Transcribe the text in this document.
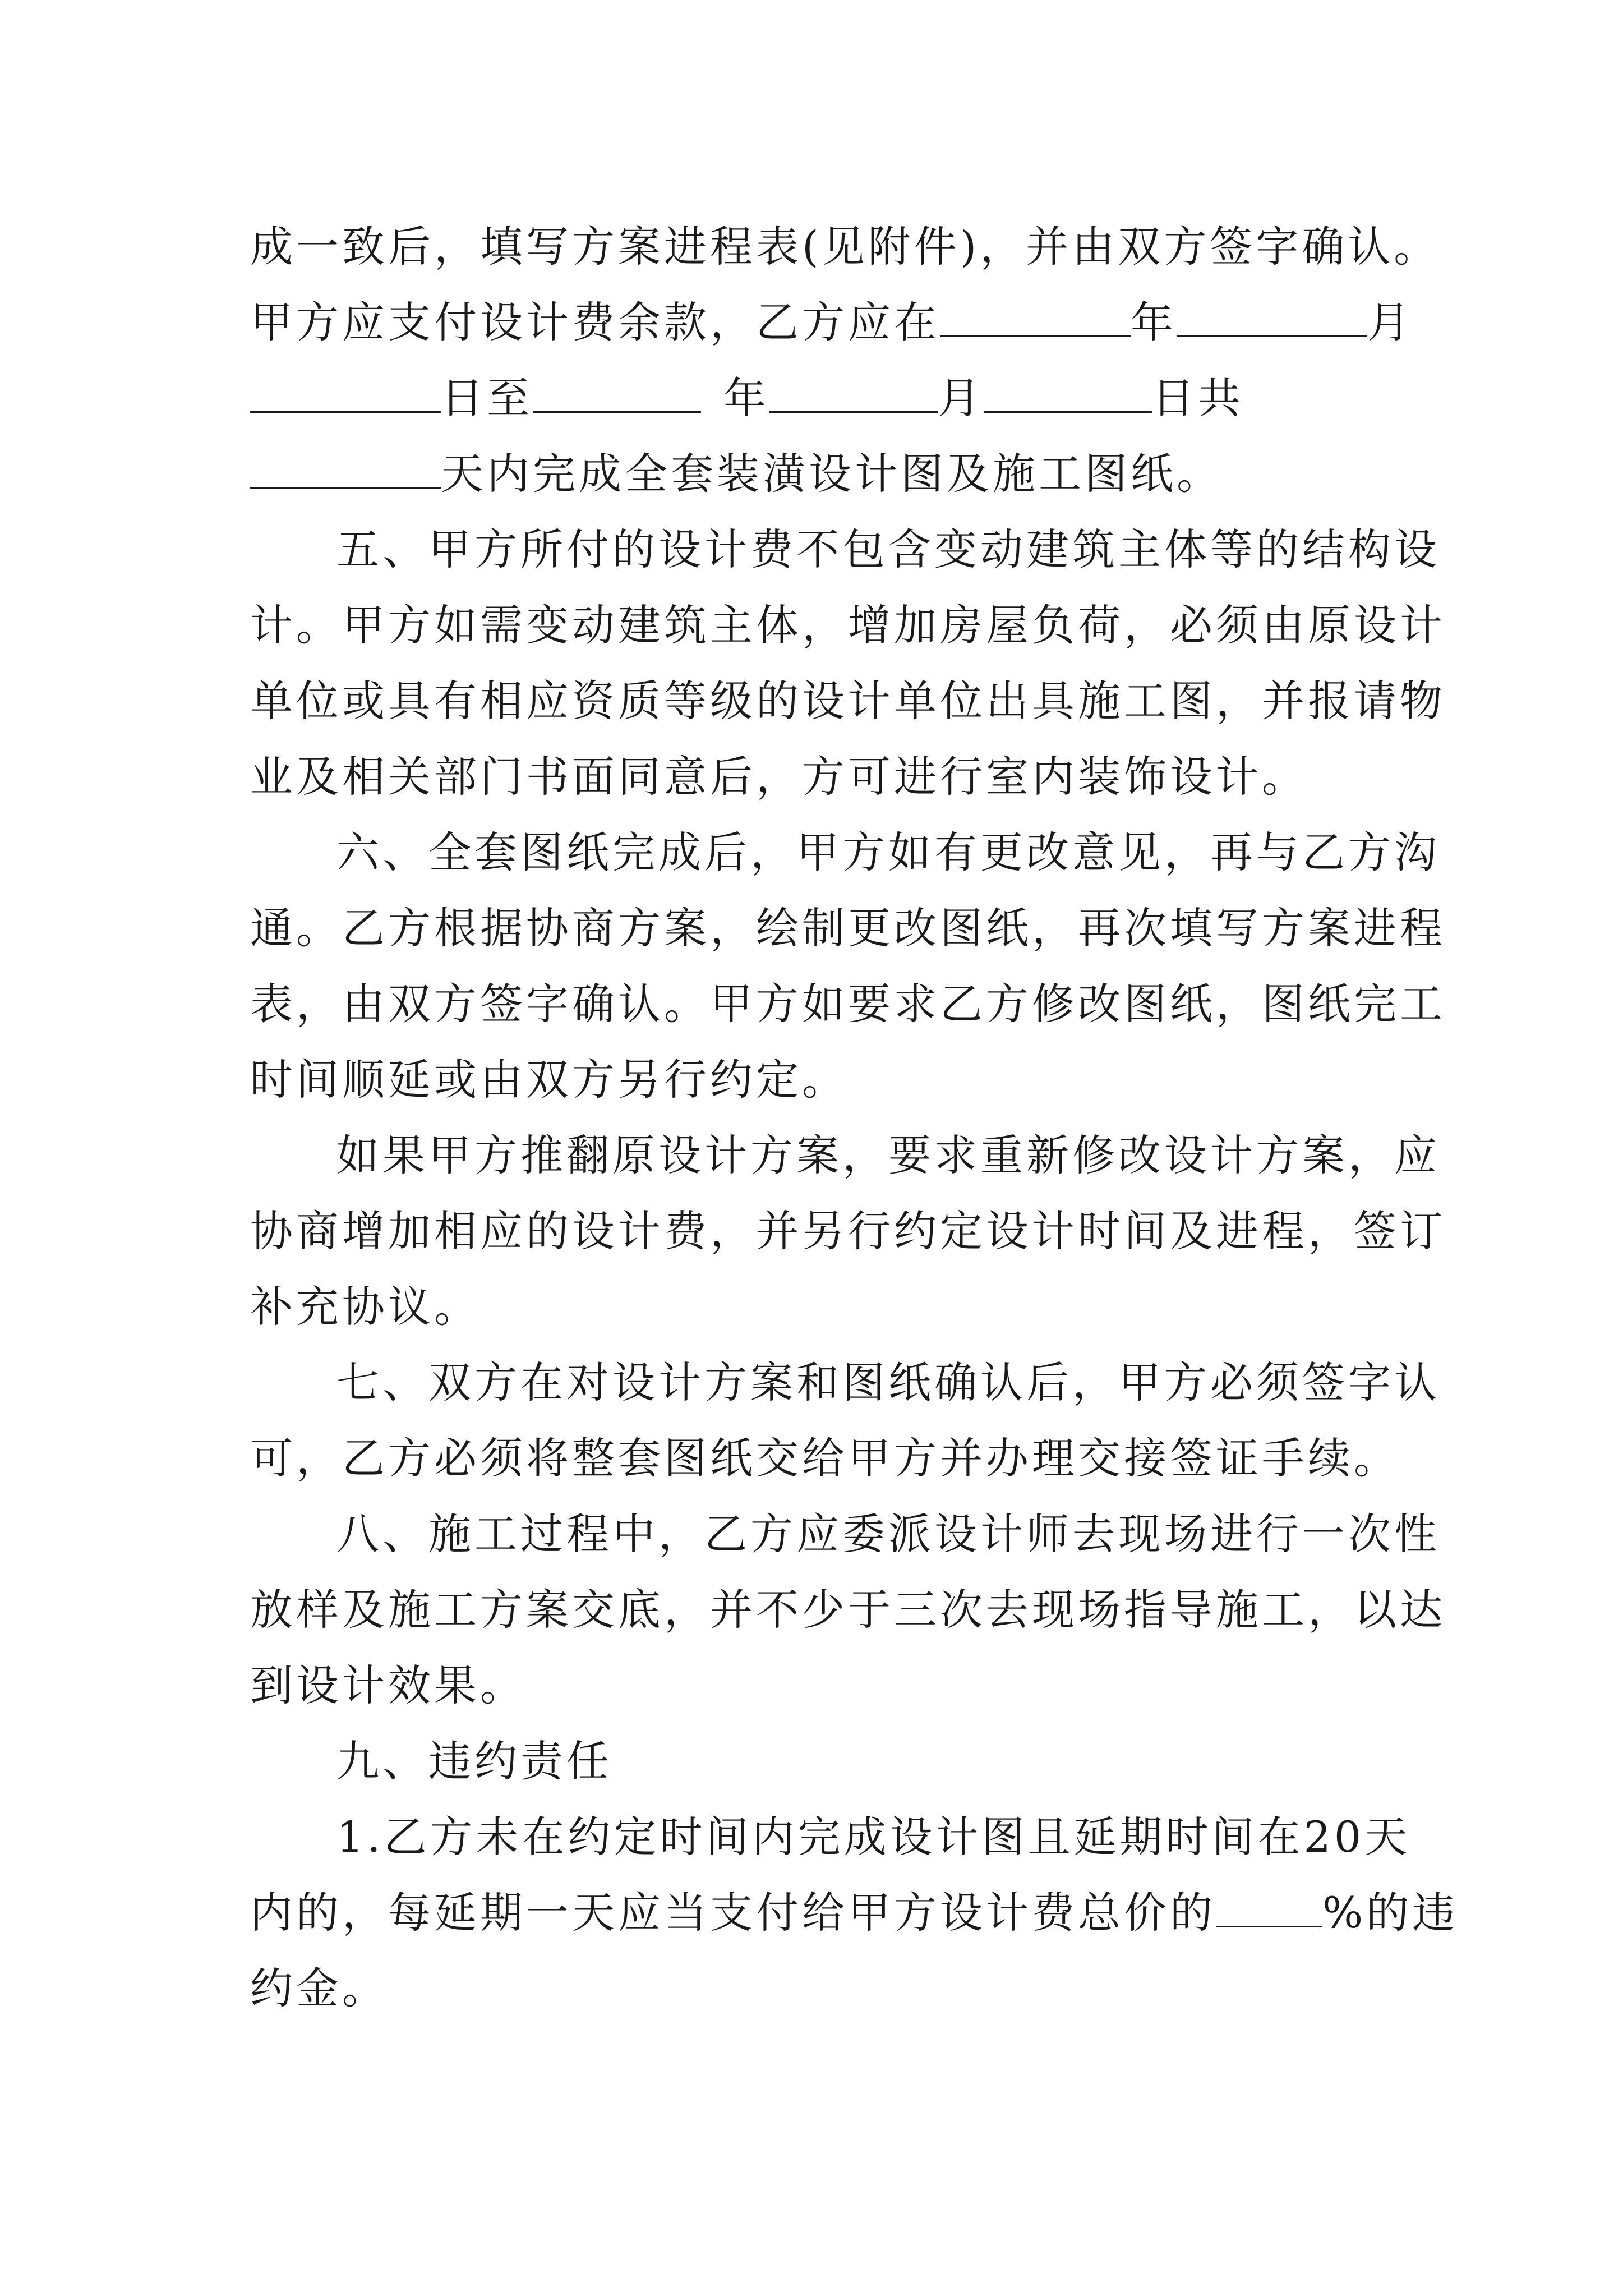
成一致后，填写方案进程表(见附件)，并由双方签字确认。
甲方应支付设计费余款，乙方应在	年	月
日至	年	月	日共
天内完成全套装潢设计图及施工图纸。
五、甲方所付的设计费不包含变动建筑主体等的结构设
计。甲方如需变动建筑主体，增加房屋负荷，必须由原设计
单位或具有相应资质等级的设计单位出具施工图，并报请物
业及相关部门书面同意后，方可进行室内装饰设计。
六、全套图纸完成后，甲方如有更改意见，再与乙方沟
通。乙方根据协商方案，绘制更改图纸，再次填写方案进程
表，由双方签字确认。甲方如要求乙方修改图纸，图纸完工
时间顺延或由双方另行约定。
如果甲方推翻原设计方案，要求重新修改设计方案，应
协商增加相应的设计费，并另行约定设计时间及进程，签订
补充协议。
七、双方在对设计方案和图纸确认后，甲方必须签字认
可，乙方必须将整套图纸交给甲方并办理交接签证手续。
八、施工过程中，乙方应委派设计师去现场进行一次性
放样及施工方案交底，并不少于三次去现场指导施工，以达
到设计效果。
九、违约责任
1.乙方未在约定时间内完成设计图且延期时间在20天
内的，每延期一天应当支付给甲方设计费总价的	%的违
约金。
